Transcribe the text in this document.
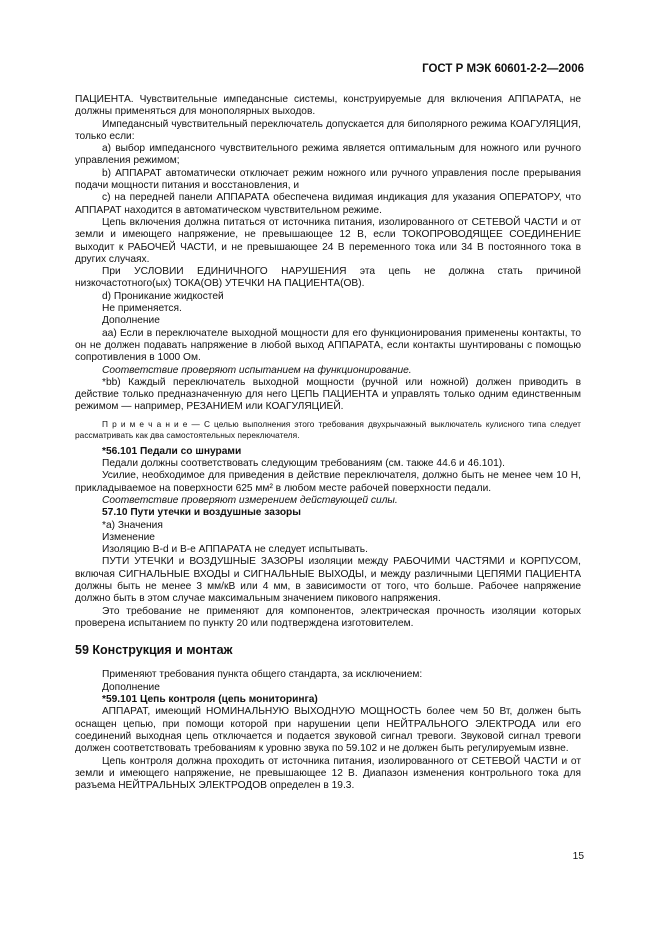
ГОСТ Р МЭК 60601-2-2—2006

ПАЦИЕНТА. Чувствительные импедансные системы, конструируемые для включения АППАРАТА, не должны применяться для монополярных выходов.

Импедансный чувствительный переключатель допускается для биполярного режима КОАГУЛЯЦИЯ, только если:

a) выбор импедансного чувствительного режима является оптимальным для ножного или ручного управления режимом;

b) АППАРАТ автоматически отключает режим ножного или ручного управления после прерывания подачи мощности питания и восстановления, и

c) на передней панели АППАРАТА обеспечена видимая индикация для указания ОПЕРАТОРУ, что АППАРАТ находится в автоматическом чувствительном режиме.

Цепь включения должна питаться от источника питания, изолированного от СЕТЕВОЙ ЧАСТИ и от земли и имеющего напряжение, не превышающее 12 В, если ТОКОПРОВОДЯЩЕЕ СОЕДИНЕНИЕ выходит к РАБОЧЕЙ ЧАСТИ, и не превышающее 24 В переменного тока или 34 В постоянного тока в других случаях.

При УСЛОВИИ ЕДИНИЧНОГО НАРУШЕНИЯ эта цепь не должна стать причиной низкочастотного(ых) ТОКА(ОВ) УТЕЧКИ НА ПАЦИЕНТА(ОВ).

d) Проникание жидкостей

Не применяется.

Дополнение

аа) Если в переключателе выходной мощности для его функционирования применены контакты, то он не должен подавать напряжение в любой выход АППАРАТА, если контакты шунтированы с помощью сопротивления в 1000 Ом.

Соответствие проверяют испытанием на функционирование.

*bb) Каждый переключатель выходной мощности (ручной или ножной) должен приводить в действие только предназначенную для него ЦЕПЬ ПАЦИЕНТА и управлять только одним единственным режимом — например, РЕЗАНИЕМ или КОАГУЛЯЦИЕЙ.

П р и м е ч а н и е — С целью выполнения этого требования двухрычажный выключатель кулисного типа следует рассматривать как два самостоятельных переключателя.

*56.101 Педали со шнурами

Педали должны соответствовать следующим требованиям (см. также 44.6 и 46.101).

Усилие, необходимое для приведения в действие переключателя, должно быть не менее чем 10 Н, прикладываемое на поверхности 625 мм² в любом месте рабочей поверхности педали.

Соответствие проверяют измерением действующей силы.

57.10 Пути утечки и воздушные зазоры

*а) Значения

Изменение

Изоляцию B-d и B-e АППАРАТА не следует испытывать.

ПУТИ УТЕЧКИ и ВОЗДУШНЫЕ ЗАЗОРЫ изоляции между РАБОЧИМИ ЧАСТЯМИ и КОРПУСОМ, включая СИГНАЛЬНЫЕ ВХОДЫ и СИГНАЛЬНЫЕ ВЫХОДЫ, и между различными ЦЕПЯМИ ПАЦИЕНТА должны быть не менее 3 мм/кВ или 4 мм, в зависимости от того, что больше. Рабочее напряжение должно быть в этом случае максимальным значением пикового напряжения.

Это требование не применяют для компонентов, электрическая прочность изоляции которых проверена испытанием по пункту 20 или подтверждена изготовителем.

59 Конструкция и монтаж

Применяют требования пункта общего стандарта, за исключением:

Дополнение

*59.101 Цепь контроля (цепь мониторинга)

АППАРАТ, имеющий НОМИНАЛЬНУЮ ВЫХОДНУЮ МОЩНОСТЬ более чем 50 Вт, должен быть оснащен цепью, при помощи которой при нарушении цепи НЕЙТРАЛЬНОГО ЭЛЕКТРОДА или его соединений выходная цепь отключается и подается звуковой сигнал тревоги. Звуковой сигнал тревоги должен соответствовать требованиям к уровню звука по 59.102 и не должен быть регулируемым извне.

Цепь контроля должна проходить от источника питания, изолированного от СЕТЕВОЙ ЧАСТИ и от земли и имеющего напряжение, не превышающее 12 В. Диапазон изменения контрольного тока для разъема НЕЙТРАЛЬНЫХ ЭЛЕКТРОДОВ определен в 19.3.

15
